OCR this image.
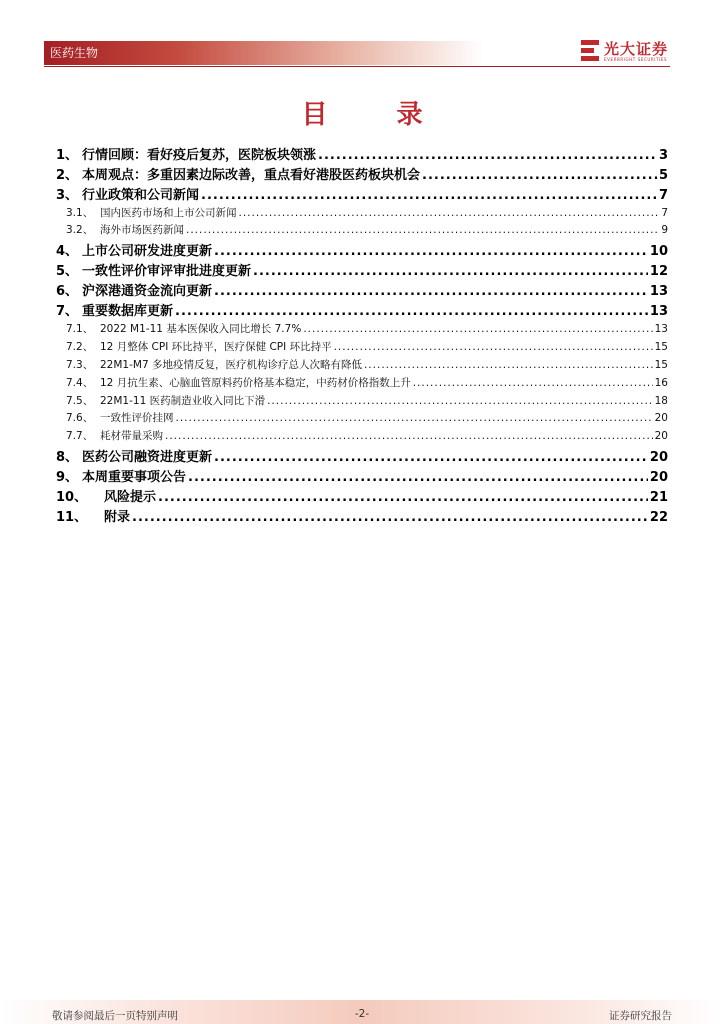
医药生物	光大证券
EVERBRIGHT SECURITIES
目 录
1、 行情回顾：看好疫后复苏，医院板块领涨 .....	3
2、 本周观点：多重因素边际改善，重点看好港股医药板块机会 .....	5
3、 行业政策和公司新闻 .....	7
3.1、 国内医药市场和上市公司新闻 .....	7
3.2、 海外市场医药新闻 .....	9
4、 上市公司研发进度更新 .....	10
5、 一致性评价审评审批进度更新 .....	12
6、 沪深港通资金流向更新 .....	13
7、 重要数据库更新 .....	13
7.1、 2022 M1-11 基本医保收入同比增长 7.7% .....	13
7.2、 12 月整体 CPI 环比持平，医疗保健 CPI 环比持平 .....	15
7.3、 22M1-M7 多地疫情反复，医疗机构诊疗总人次略有降低 .....	15
7.4、 12 月抗生素、心脑血管原料药价格基本稳定，中药材价格指数上升 .....	16
7.5、 22M1-11 医药制造业收入同比下滑 .....	18
7.6、 一致性评价挂网 .....	20
7.7、 耗材带量采购 .....	20
8、 医药公司融资进度更新 .....	20
9、 本周重要事项公告 .....	20
10、	风险提示 .....	21
11、	附录 .....	22
敬请参阅最后一页特别声明	-2-	证券研究报告
